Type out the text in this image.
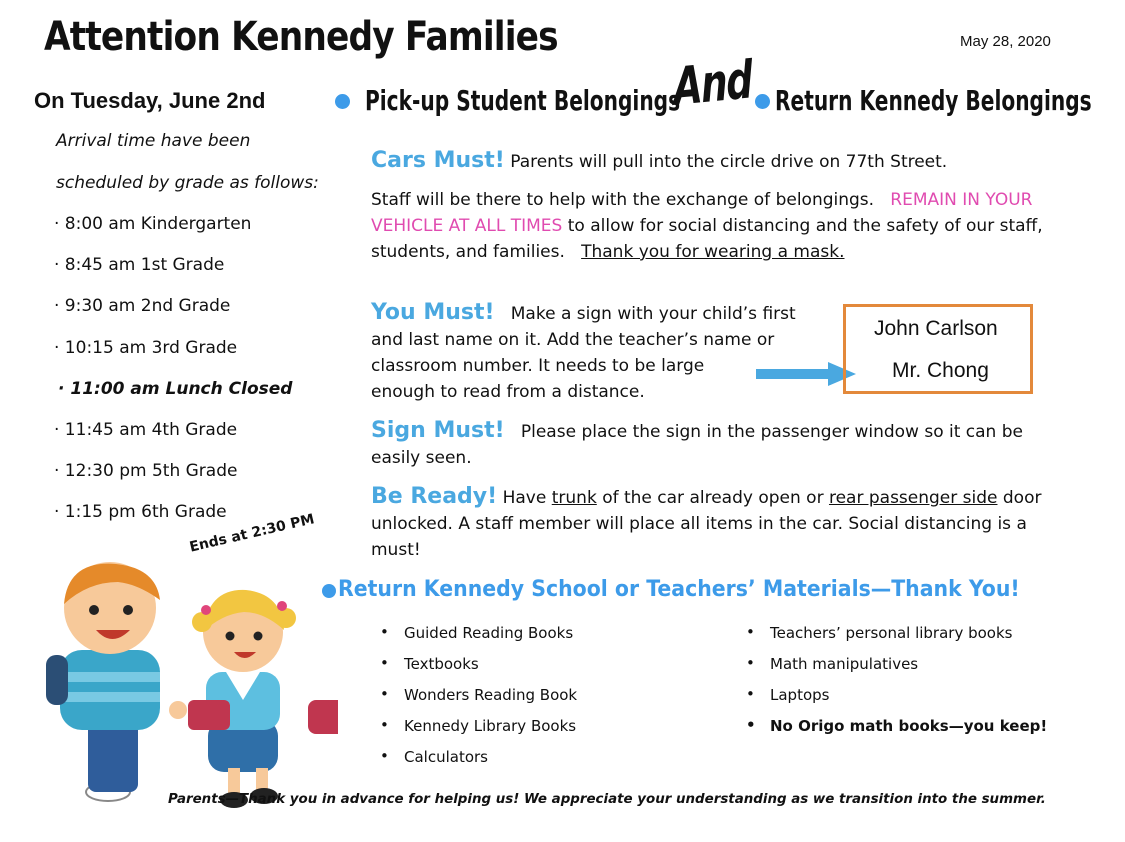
Attention Kennedy Families	May 28, 2020
On Tuesday, June 2nd	Pick-up Student Belongings
And Return Kennedy Belongings
Arrival time have been
scheduled by grade as follows:
· 8:00 am Kindergarten
· 8:45 am 1st Grade
· 9:30 am 2nd Grade
· 10:15 am 3rd Grade
· 11:00 am Lunch Closed
· 11:45 am 4th Grade
· 12:30 pm 5th Grade
· 1:15 pm 6th Grade
Ends at 2:30 PM
Cars Must! Parents will pull into the circle drive on 77th Street.
Staff will be there to help with the exchange of belongings. REMAIN IN YOUR VEHICLE AT ALL TIMES to allow for social distancing and the safety of our staff, students, and families. Thank you for wearing a mask.
You Must! Make a sign with your child’s first
and last name on it. Add the teacher’s name or
classroom number. It needs to be large
enough to read from a distance.
John Carlson
Mr. Chong
Sign Must! Please place the sign in the passenger window so it can be easily seen.
Be Ready! Have trunk of the car already open or rear passenger side door unlocked. A staff member will place all items in the car. Social distancing is a must!
Return Kennedy School or Teachers’ Materials—Thank You!
• Guided Reading Books
• Textbooks
• Wonders Reading Book
• Kennedy Library Books
• Calculators
• Teachers’ personal library books
• Math manipulatives
• Laptops
• No Origo math books—you keep!
Parents—Thank you in advance for helping us! We appreciate your understanding as we transition into the summer.
